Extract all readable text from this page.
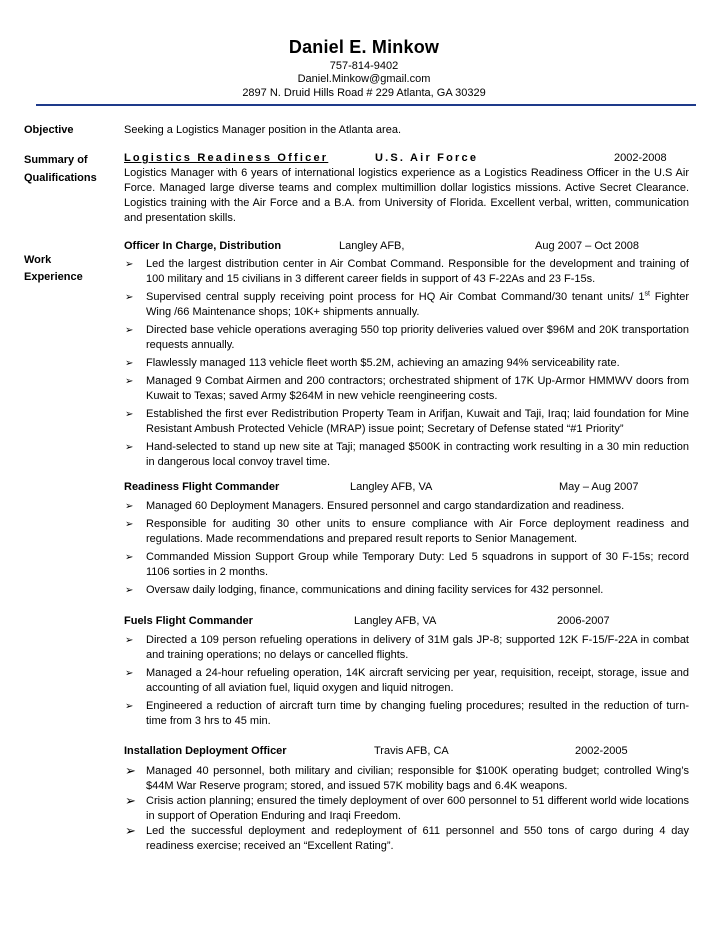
Daniel E. Minkow
757-814-9402
Daniel.Minkow@gmail.com
2897 N. Druid Hills Road # 229 Atlanta, GA 30329
Objective	Seeking a Logistics Manager position in the Atlanta area.
Summary of
Qualifications
Logistics Readiness Officer	U.S. Air Force	2002-2008
Logistics Manager with 6 years of international logistics experience as a Logistics Readiness Officer in the U.S Air Force. Managed large diverse teams and complex multimillion dollar logistics missions. Active Secret Clearance. Logistics training with the Air Force and a B.A. from University of Florida. Excellent verbal, written, communication and presentation skills.
Work
Experience
Officer In Charge, Distribution	Langley AFB,	Aug 2007 – Oct 2008
➢ Led the largest distribution center in Air Combat Command. Responsible for the development and training of 100 military and 15 civilians in 3 different career fields in support of 43 F-22As and 23 F-15s.
➢ Supervised central supply receiving point process for HQ Air Combat Command/30 tenant units/ 1st Fighter Wing /66 Maintenance shops; 10K+ shipments annually.
➢ Directed base vehicle operations averaging 550 top priority deliveries valued over $96M and 20K transportation requests annually.
➢ Flawlessly managed 113 vehicle fleet worth $5.2M, achieving an amazing 94% serviceability rate.
➢ Managed 9 Combat Airmen and 200 contractors; orchestrated shipment of 17K Up-Armor HMMWV doors from Kuwait to Texas; saved Army $264M in new vehicle reengineering costs.
➢ Established the first ever Redistribution Property Team in Arifjan, Kuwait and Taji, Iraq; laid foundation for Mine Resistant Ambush Protected Vehicle (MRAP) issue point; Secretary of Defense stated “#1 Priority”
➢ Hand-selected to stand up new site at Taji; managed $500K in contracting work resulting in a 30 min reduction in dangerous local convoy travel time.
Readiness Flight Commander	Langley AFB, VA	May – Aug 2007
➢ Managed 60 Deployment Managers. Ensured personnel and cargo standardization and readiness.
➢ Responsible for auditing 30 other units to ensure compliance with Air Force deployment readiness and regulations. Made recommendations and prepared result reports to Senior Management.
➢ Commanded Mission Support Group while Temporary Duty: Led 5 squadrons in support of 30 F-15s; record 1106 sorties in 2 months.
➢ Oversaw daily lodging, finance, communications and dining facility services for 432 personnel.
Fuels Flight Commander	Langley AFB, VA	2006-2007
➢ Directed a 109 person refueling operations in delivery of 31M gals JP-8; supported 12K F-15/F-22A in combat and training operations; no delays or cancelled flights.
➢ Managed a 24-hour refueling operation, 14K aircraft servicing per year, requisition, receipt, storage, issue and accounting of all aviation fuel, liquid oxygen and liquid nitrogen.
➢ Engineered a reduction of aircraft turn time by changing fueling procedures; resulted in the reduction of turn-time from 3 hrs to 45 min.
Installation Deployment Officer	Travis AFB, CA	2002-2005
➢ Managed 40 personnel, both military and civilian; responsible for $100K operating budget; controlled Wing’s $44M War Reserve program; stored, and issued 57K mobility bags and 6.4K weapons.
➢ Crisis action planning; ensured the timely deployment of over 600 personnel to 51 different world wide locations in support of Operation Enduring and Iraqi Freedom.
➢ Led the successful deployment and redeployment of 611 personnel and 550 tons of cargo during 4 day readiness exercise; received an “Excellent Rating”.
